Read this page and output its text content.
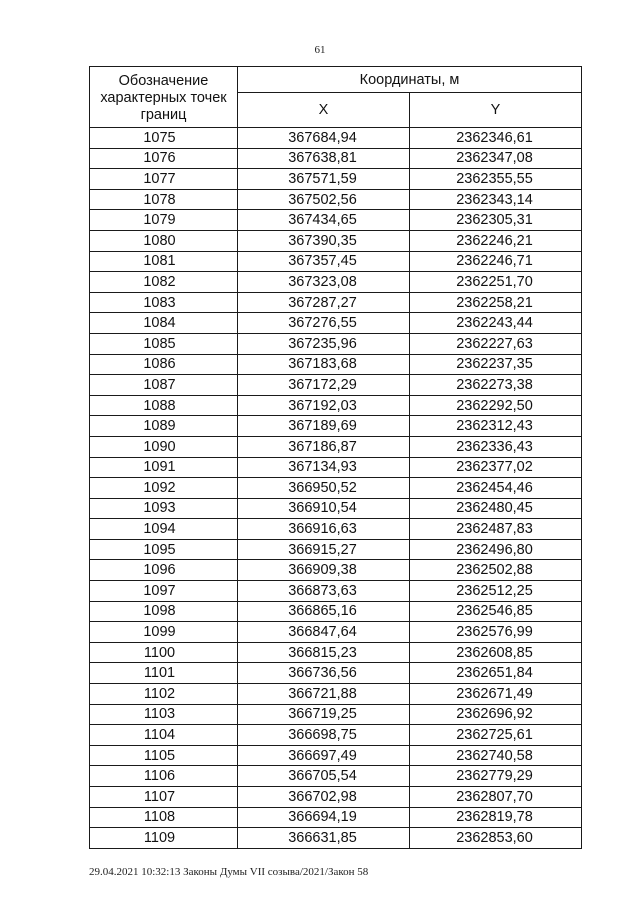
61
Обозначение характерных точек границ	Координаты, м	
	X	Y
1075	367684,94	2362346,61
1076	367638,81	2362347,08
1077	367571,59	2362355,55
1078	367502,56	2362343,14
1079	367434,65	2362305,31
1080	367390,35	2362246,21
1081	367357,45	2362246,71
1082	367323,08	2362251,70
1083	367287,27	2362258,21
1084	367276,55	2362243,44
1085	367235,96	2362227,63
1086	367183,68	2362237,35
1087	367172,29	2362273,38
1088	367192,03	2362292,50
1089	367189,69	2362312,43
1090	367186,87	2362336,43
1091	367134,93	2362377,02
1092	366950,52	2362454,46
1093	366910,54	2362480,45
1094	366916,63	2362487,83
1095	366915,27	2362496,80
1096	366909,38	2362502,88
1097	366873,63	2362512,25
1098	366865,16	2362546,85
1099	366847,64	2362576,99
1100	366815,23	2362608,85
1101	366736,56	2362651,84
1102	366721,88	2362671,49
1103	366719,25	2362696,92
1104	366698,75	2362725,61
1105	366697,49	2362740,58
1106	366705,54	2362779,29
1107	366702,98	2362807,70
1108	366694,19	2362819,78
1109	366631,85	2362853,60
29.04.2021 10:32:13 Законы Думы VII созыва/2021/Закон 58
